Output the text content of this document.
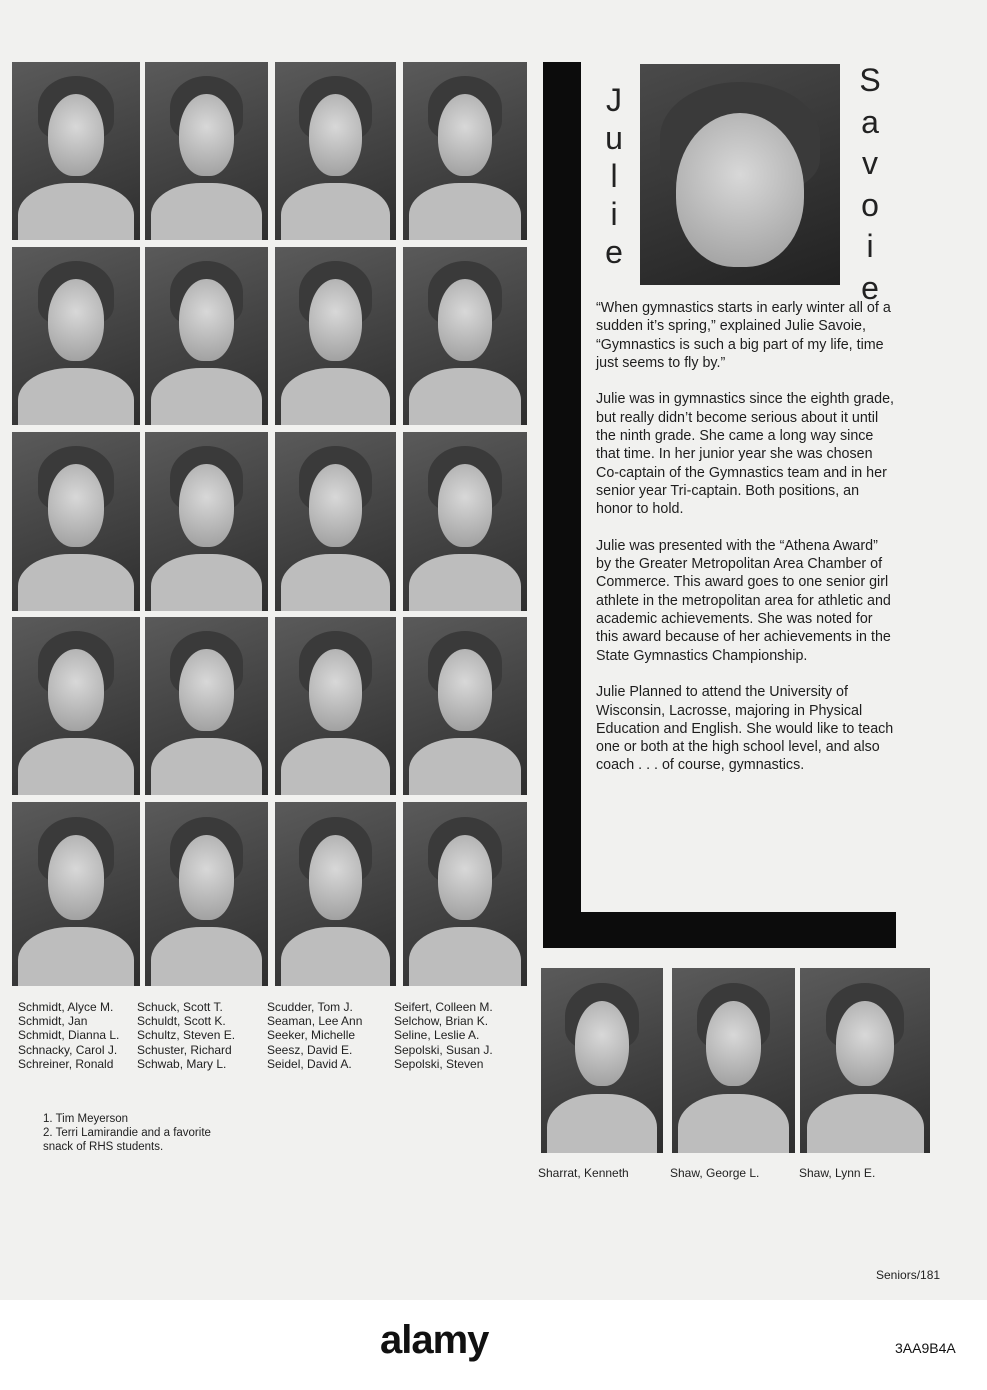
Schmidt, Alyce M.
Schmidt, Jan
Schmidt, Dianna L.
Schnacky, Carol J.
Schreiner, Ronald
Schuck, Scott T.
Schuldt, Scott K.
Schultz, Steven E.
Schuster, Richard
Schwab, Mary L.
Scudder, Tom J.
Seaman, Lee Ann
Seeker, Michelle
Seesz, David E.
Seidel, David A.
Seifert, Colleen M.
Selchow, Brian K.
Seline, Leslie A.
Sepolski, Susan J.
Sepolski, Steven
1. Tim Meyerson
2. Terri Lamirandie and a favorite snack of RHS students.
J
u
l
i
e
S
a
v
o
i
e

“When gymnastics starts in early winter all of a sudden it’s spring,” explained Julie Savoie, “Gymnastics is such a big part of my life, time just seems to fly by.”

Julie was in gymnastics since the eighth grade, but really didn’t become serious about it until the ninth grade. She came a long way since that time. In her junior year she was chosen Co-captain of the Gymnastics team and in her senior year Tri-captain. Both positions, an honor to hold.

Julie was presented with the “Athena Award” by the Greater Metropolitan Area Chamber of Commerce. This award goes to one senior girl athlete in the metropolitan area for athletic and academic achievements. She was noted for this award because of her achievements in the State Gymnastics Championship.

Julie Planned to attend the University of Wisconsin, Lacrosse, majoring in Physical Education and English. She would like to teach one or both at the high school level, and also coach . . . of course, gymnastics.

Sharrat, Kenneth	Shaw, George L.	Shaw, Lynn E.
Seniors/181
alamy	3AA9B4A
